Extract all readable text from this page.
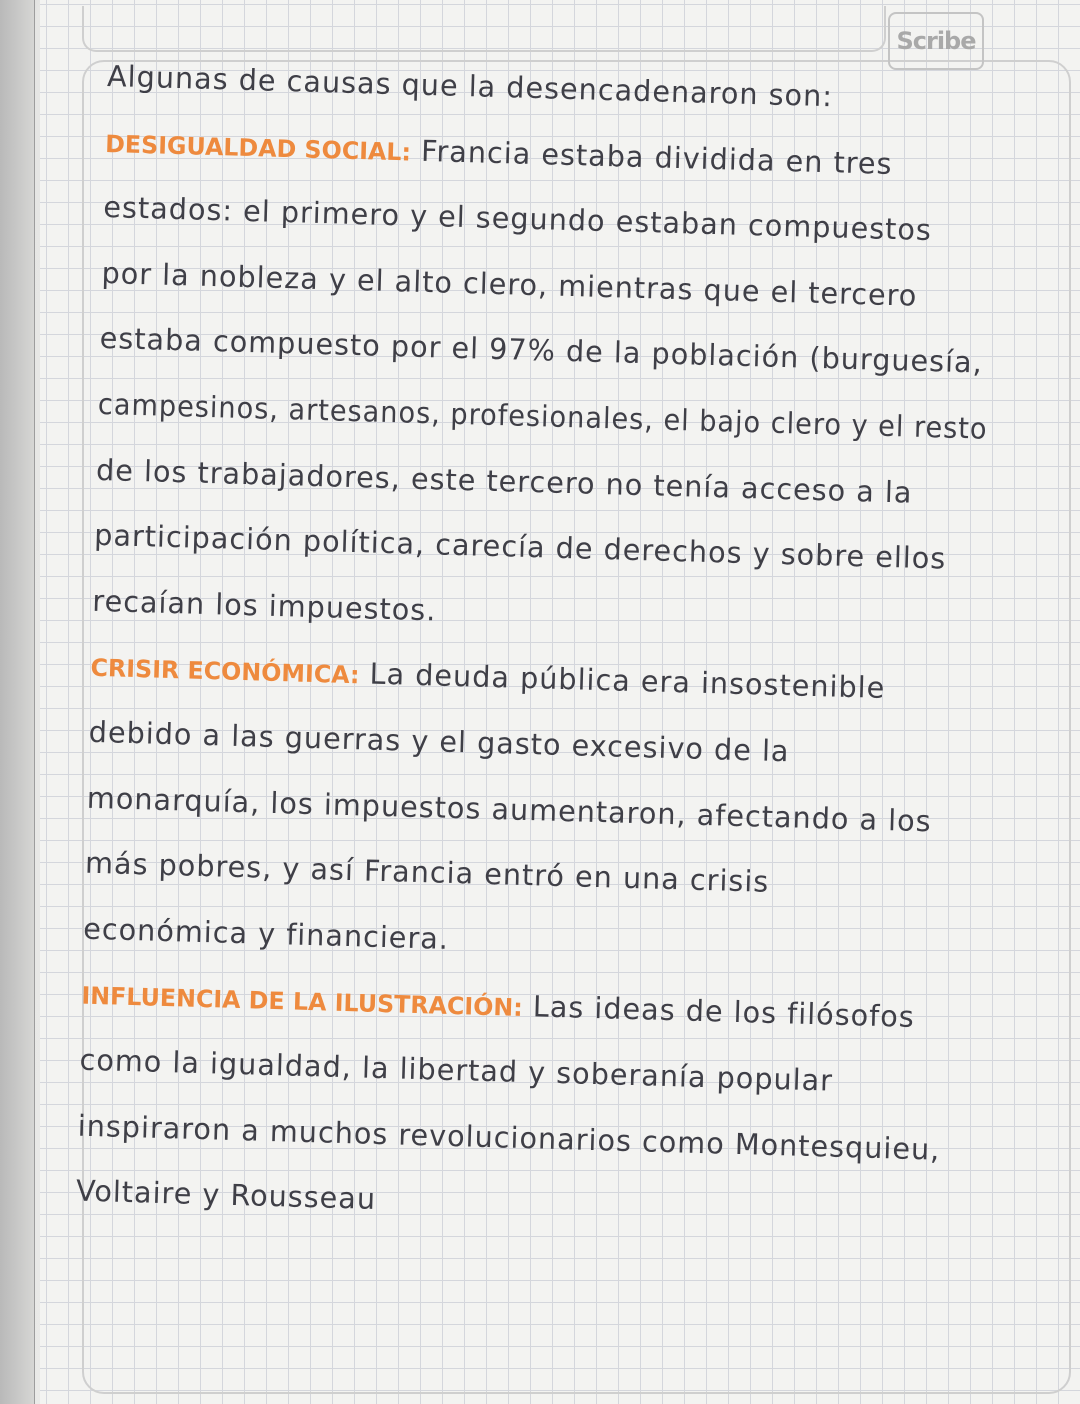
Scribe
Algunas de causas que la desencadenaron son:
DESIGUALDAD SOCIAL: Francia estaba dividida en tres
estados: el primero y el segundo estaban compuestos
por la nobleza y el alto clero, mientras que el tercero
estaba compuesto por el 97% de la población (burguesía,
campesinos, artesanos, profesionales, el bajo clero y el resto
de los trabajadores, este tercero no tenía acceso a la
participación política, carecía de derechos y sobre ellos
recaían los impuestos.
CRISIR ECONÓMICA: La deuda pública era insostenible
debido a las guerras y el gasto excesivo de la
monarquía, los impuestos aumentaron, afectando a los
más pobres, y así Francia entró en una crisis
económica y financiera.
INFLUENCIA DE LA ILUSTRACIÓN: Las ideas de los filósofos
como la igualdad, la libertad y soberanía popular
inspiraron a muchos revolucionarios como Montesquieu,
Voltaire y Rousseau
